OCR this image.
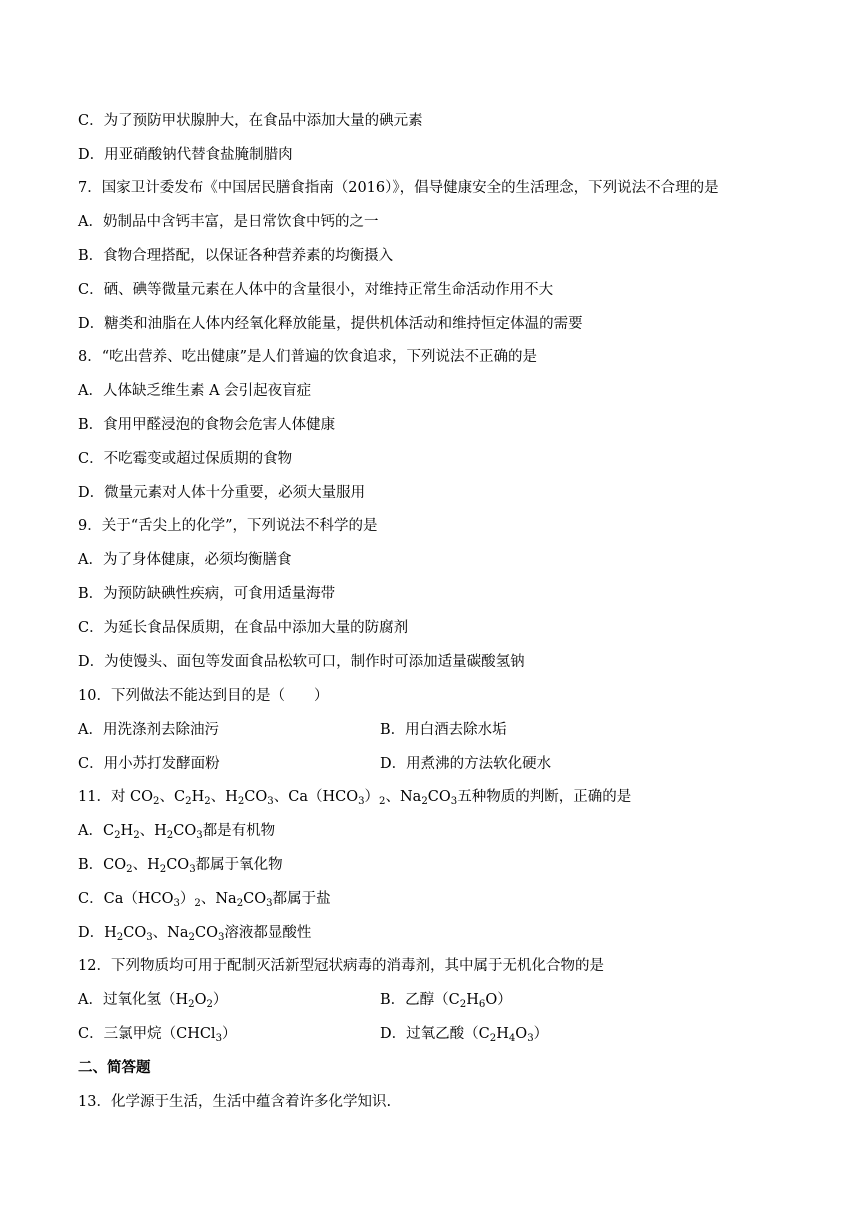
C．为了预防甲状腺肿大，在食品中添加大量的碘元素
D．用亚硝酸钠代替食盐腌制腊肉
7．国家卫计委发布《中国居民膳食指南（2016）》，倡导健康安全的生活理念，下列说法不合理的是
A．奶制品中含钙丰富，是日常饮食中钙的之一
B．食物合理搭配，以保证各种营养素的均衡摄入
C．硒、碘等微量元素在人体中的含量很小，对维持正常生命活动作用不大
D．糖类和油脂在人体内经氧化释放能量，提供机体活动和维持恒定体温的需要
8．“吃出营养、吃出健康”是人们普遍的饮食追求，下列说法不正确的是
A．人体缺乏维生素 A 会引起夜盲症
B．食用甲醛浸泡的食物会危害人体健康
C．不吃霉变或超过保质期的食物
D．微量元素对人体十分重要，必须大量服用
9．关于“舌尖上的化学”，下列说法不科学的是
A．为了身体健康，必须均衡膳食
B．为预防缺碘性疾病，可食用适量海带
C．为延长食品保质期，在食品中添加大量的防腐剂
D．为使馒头、面包等发面食品松软可口，制作时可添加适量碳酸氢钠
10．下列做法不能达到目的是（　　）
A．用洗涤剂去除油污	B．用白酒去除水垢
C．用小苏打发酵面粉	D．用煮沸的方法软化硬水
11．对 $CO_2$、$C_2H_2$、$H_2CO_3$、$Ca(HCO_3)_2$、$Na_2CO_3$五种物质的判断，正确的是
A．$C_2H_2$、$H_2CO_3$都是有机物
B．$CO_2$、$H_2CO_3$都属于氧化物
C．$Ca(HCO_3)_2$、$Na_2CO_3$都属于盐
D．$H_2CO_3$、$Na_2CO_3$溶液都显酸性
12．下列物质均可用于配制灭活新型冠状病毒的消毒剂，其中属于无机化合物的是
A．过氧化氢$(H_2O_2)$	B．乙醇$(C_2H_6O)$
C．三氯甲烷（CHCl$_3$）	D．过氧乙酸$(C_2H_4O_3)$
二、简答题
13．化学源于生活，生活中蕴含着许多化学知识.
